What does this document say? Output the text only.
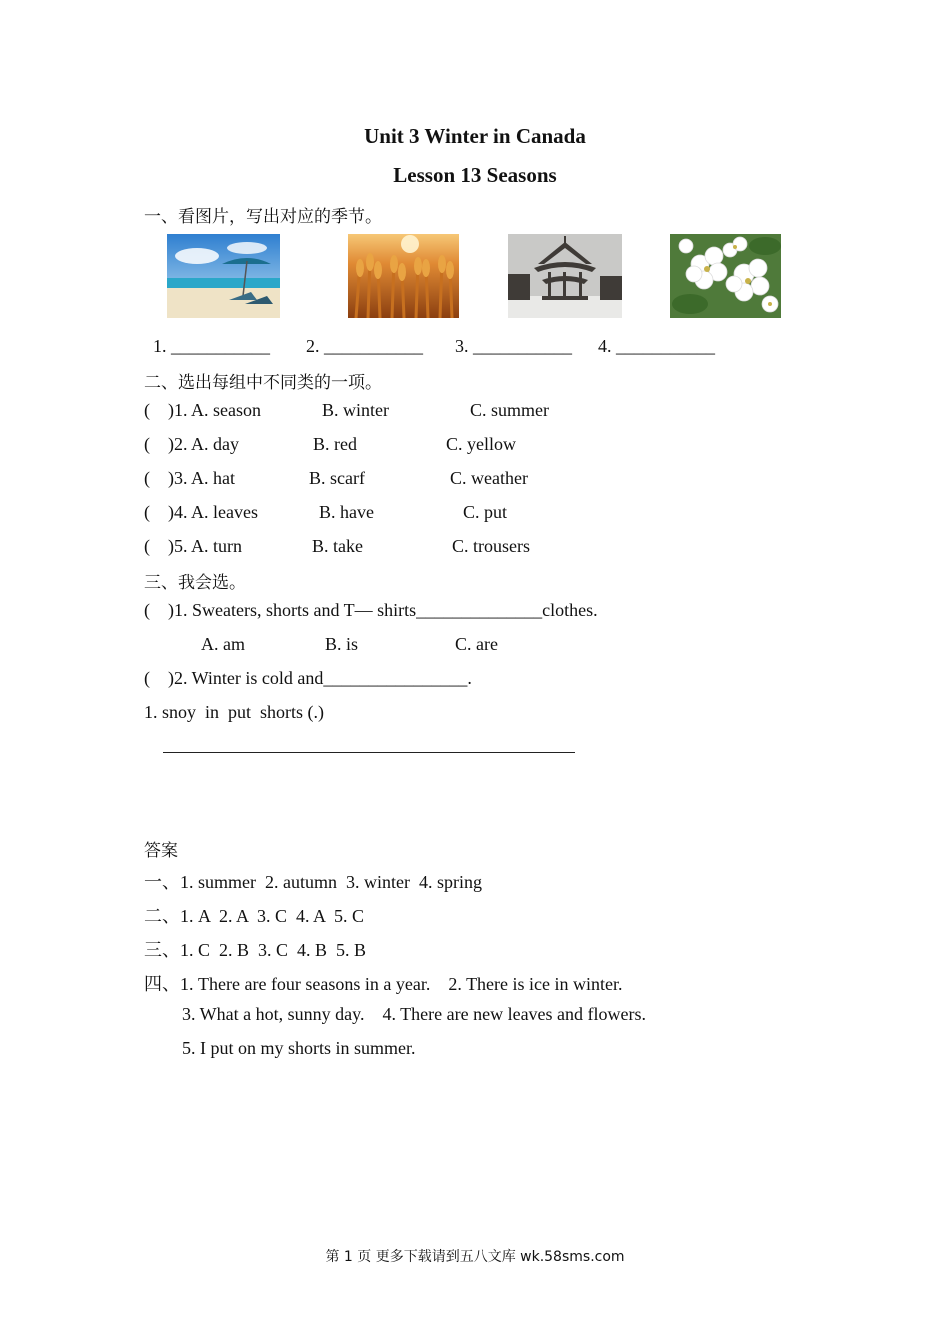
Unit 3 Winter in Canada
Lesson 13 Seasons
一、看图片，写出对应的季节。
1. ___________ 2. ___________ 3. ___________ 4. ___________
二、选出每组中不同类的一项。
(    )1. A. season	B. winter	C. summer
(    )2. A. day	B. red	C. yellow
(    )3. A. hat	B. scarf	C. weather
(    )4. A. leaves	B. have	C. put
(    )5. A. turn	B. take	C. trousers
三、我会选。
(    )1. Sweaters, shorts and T— shirts______________clothes.
A. am	B. is	C. are
(    )2. Winter is cold and________________.
1. snoy  in  put  shorts (.)
答案
一、1. summer  2. autumn  3. winter  4. spring
二、1. A  2. A  3. C  4. A  5. C
三、1. C  2. B  3. C  4. B  5. B
四、1. There are four seasons in a year.    2. There is ice in winter.
3. What a hot, sunny day.    4. There are new leaves and flowers.
5. I put on my shorts in summer.
第 1 页 更多下载请到五八文库 wk.58sms.com
